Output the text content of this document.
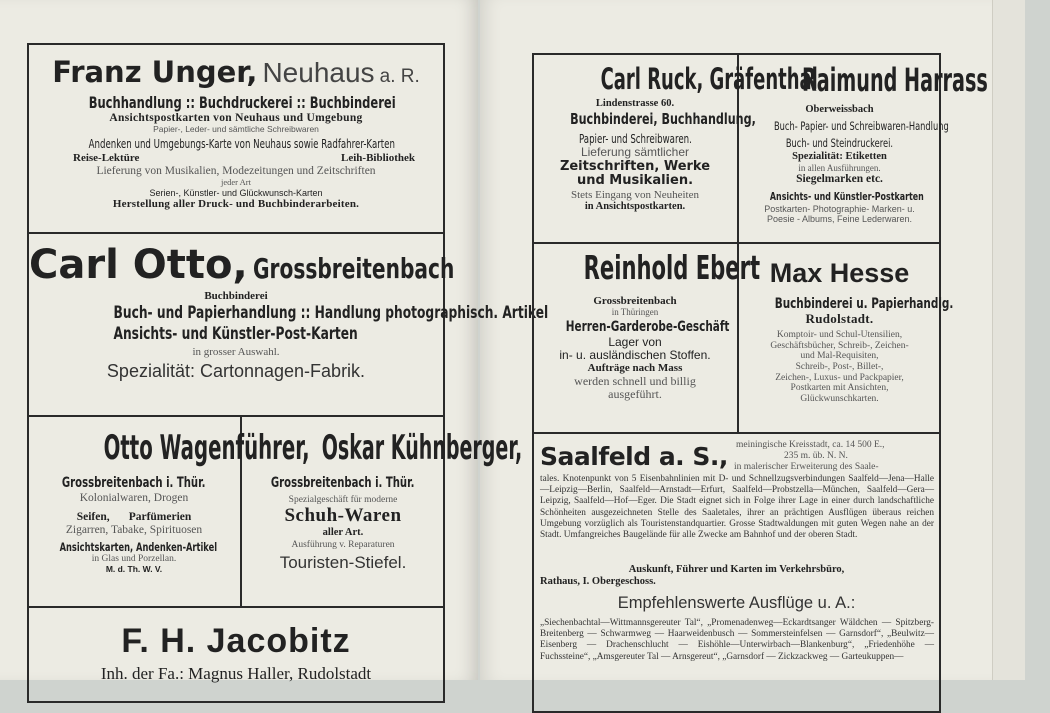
Franz Unger, Neuhaus a. R.
Buchhandlung :: Buchdruckerei :: Buchbinderei
Ansichtspostkarten von Neuhaus und Umgebung
Papier-, Leder- und sämtliche Schreibwaren
Andenken und Umgebungs-Karte von Neuhaus sowie Radfahrer-Karten
Reise-Lektüre	Leih-Bibliothek
Lieferung von Musikalien, Modezeitungen und Zeitschriften
jeder Art
Serien-, Künstler- und Glückwunsch-Karten
Herstellung aller Druck- und Buchbinderarbeiten.
Carl Otto, Grossbreitenbach
Buchbinderei
Buch- und Papierhandlung :: Handlung photographisch. Artikel
Ansichts- und Künstler-Post-Karten
in grosser Auswahl.
Spezialität: Cartonnagen-Fabrik.
Otto Wagenführer,
Grossbreitenbach i. Thür.
Kolonialwaren, Drogen
Seifen, Parfümerien
Zigarren, Tabake, Spirituosen
Ansichtskarten, Andenken-Artikel
in Glas und Porzellan.
M. d. Th. W. V.
Oskar Kühnberger,
Grossbreitenbach i. Thür.
Spezialgeschäft für moderne
Schuh-Waren
aller Art.
Ausführung v. Reparaturen
Touristen-Stiefel.
F. H. Jacobitz
Inh. der Fa.: Magnus Haller, Rudolstadt
Carl Ruck, Gräfenthal
Lindenstrasse 60.
Buchbinderei, Buchhandlung,
Papier- und Schreibwaren.
Lieferung sämtlicher
Zeitschriften, Werke
und Musikalien.
Stets Eingang von Neuheiten
in Ansichtspostkarten.
Raimund Harrass
Oberweissbach
Buch- Papier- und Schreibwaren-Handlung
Buch- und Steindruckerei.
Spezialität: Etiketten
in allen Ausführungen.
Siegelmarken etc.
Ansichts- und Künstler-Postkarten
Postkarten- Photographie- Marken- u.
Poesie - Albums, Feine Lederwaren.
Reinhold Ebert
Grossbreitenbach
in Thüringen
Herren-Garderobe-Geschäft
Lager von
in- u. ausländischen Stoffen.
Aufträge nach Mass
werden schnell und billig
ausgeführt.
Max Hesse
Buchbinderei u. Papierhandlg.
Rudolstadt.
Komptoir- und Schul-Utensilien,
Geschäftsbücher, Schreib-, Zeichen-
und Mal-Requisiten,
Schreib-, Post-, Billet-,
Zeichen-, Luxus- und Packpapier,
Postkarten mit Ansichten,
Glückwunschkarten.
Saalfeld a. S., meiningische Kreisstadt, ca. 14 500 E.,
235 m. üb. N. N.
in malerischer Erweiterung des Saale-
tales. Knotenpunkt von 5 Eisenbahnlinien mit D- und Schnellzugsverbindungen Saalfeld—Jena—Halle—Leipzig—Berlin, Saalfeld—Arnstadt—Erfurt, Saalfeld—Probstzella—München, Saalfeld—Gera—Leipzig, Saalfeld—Hof—Eger. Die Stadt eignet sich in Folge ihrer Lage in einer durch landschaftliche Schönheiten ausgezeichneten Stelle des Saaletales, ihrer an prächtigen Ausflügen überaus reichen Umgebung vorzüglich als Touristenstandquartier. Grosse Stadtwaldungen mit guten Wegen nahe an der Stadt. Umfangreiches Baugelände für alle Zwecke am Bahnhof und der oberen Stadt.
Auskunft, Führer und Karten im Verkehrsbüro,
Rathaus, I. Obergeschoss.
Empfehlenswerte Ausflüge u. A.:
„Siechenbachtal—Wittmannsgereuter Tal“, „Promenadenweg—Eckardtsanger Wäldchen — Spitzberg-Breitenberg — Schwarmweg — Haarweidenbusch — Sommersteinfelsen — Garnsdorf“, „Beulwitz—Eisenberg — Drachenschlucht — Eishöhle—Unterwirbach—Blankenburg“, „Friedenhöhe — Fuchssteine“, „Amsgereuter Tal — Arnsgereut“, „Garnsdorf — Zickzackweg — Garteukuppen—
